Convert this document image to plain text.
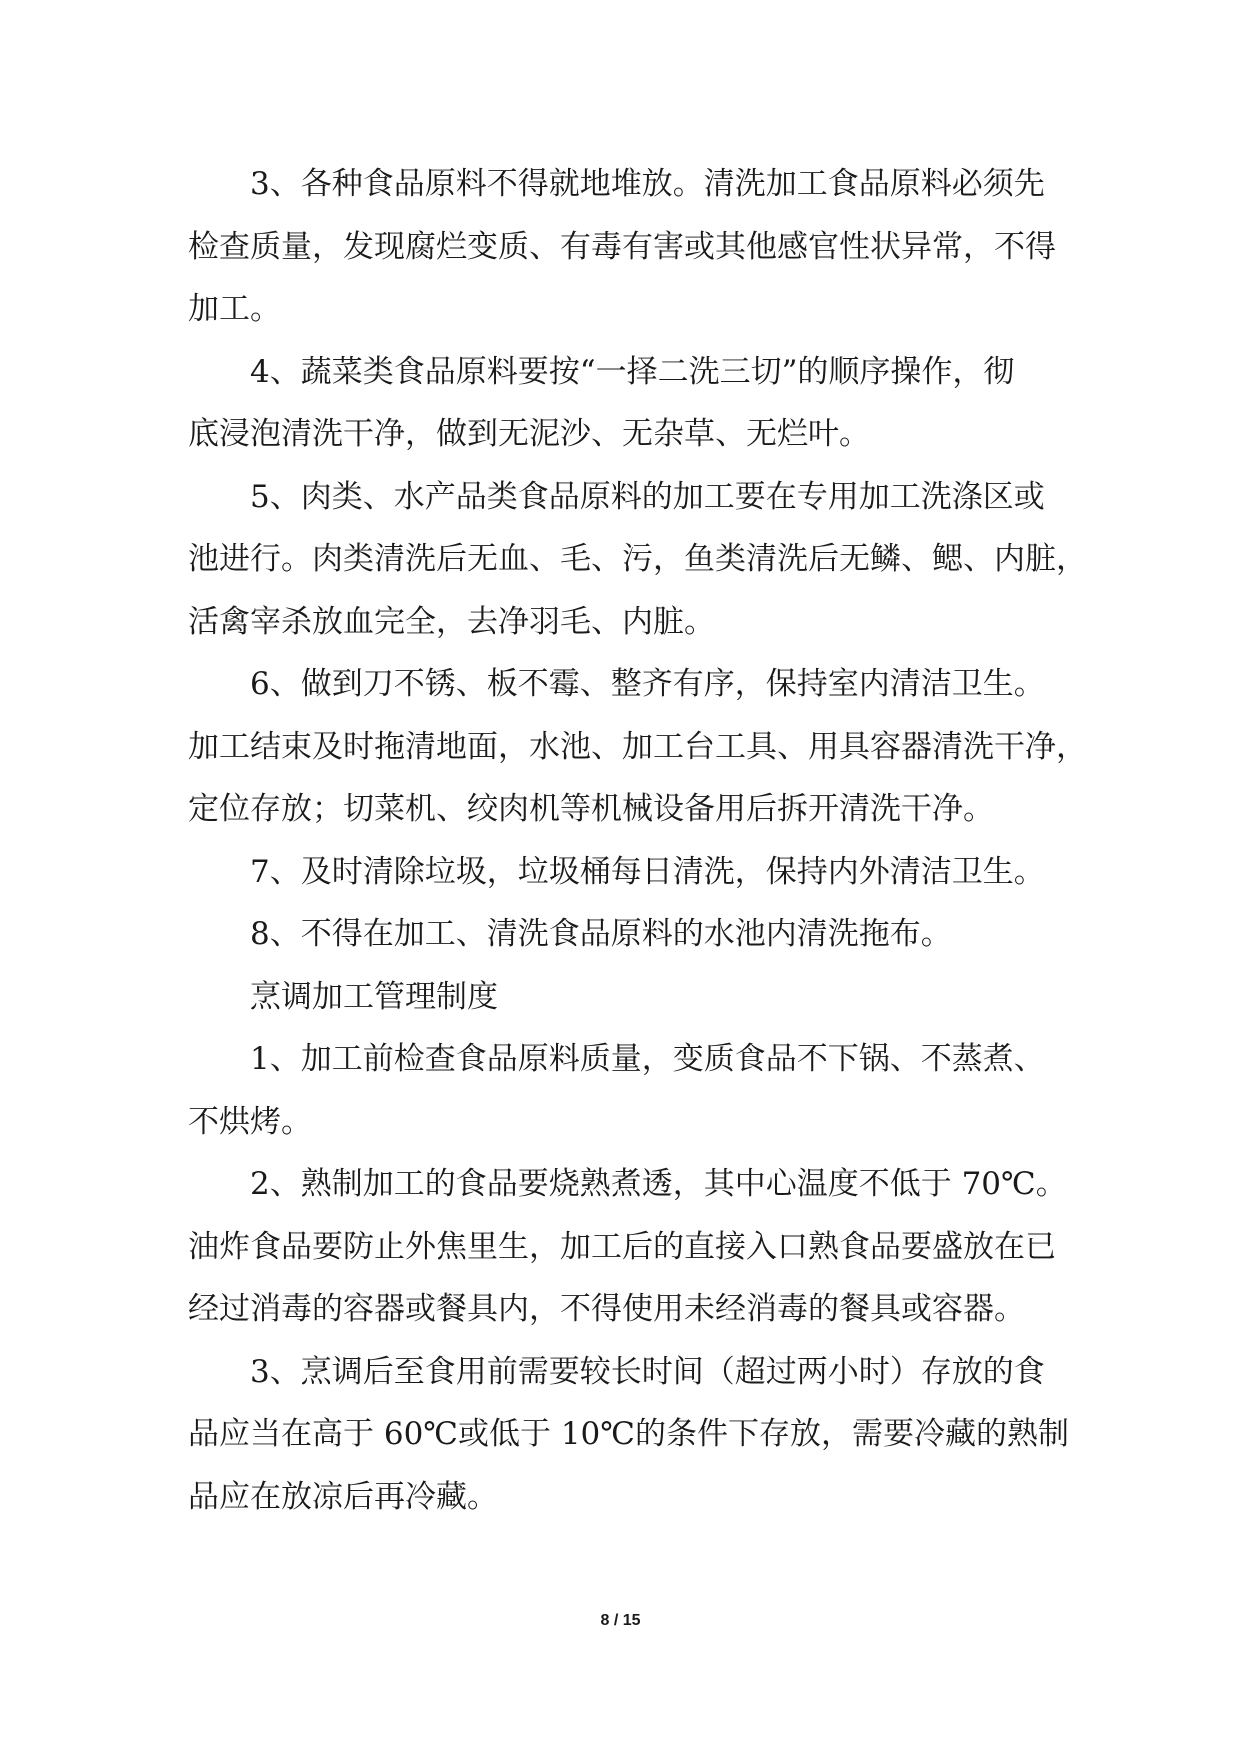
3、各种食品原料不得就地堆放。清洗加工食品原料必须先
检查质量，发现腐烂变质、有毒有害或其他感官性状异常，不得
加工。

4、蔬菜类食品原料要按“一择二洗三切”的顺序操作，彻
底浸泡清洗干净，做到无泥沙、无杂草、无烂叶。

5、肉类、水产品类食品原料的加工要在专用加工洗涤区或
池进行。肉类清洗后无血、毛、污，鱼类清洗后无鳞、鳃、内脏，
活禽宰杀放血完全，去净羽毛、内脏。

6、做到刀不锈、板不霉、整齐有序，保持室内清洁卫生。
加工结束及时拖清地面，水池、加工台工具、用具容器清洗干净，
定位存放；切菜机、绞肉机等机械设备用后拆开清洗干净。

7、及时清除垃圾，垃圾桶每日清洗，保持内外清洁卫生。

8、不得在加工、清洗食品原料的水池内清洗拖布。

烹调加工管理制度

1、加工前检查食品原料质量，变质食品不下锅、不蒸煮、
不烘烤。

2、熟制加工的食品要烧熟煮透，其中心温度不低于 70℃。
油炸食品要防止外焦里生，加工后的直接入口熟食品要盛放在已
经过消毒的容器或餐具内，不得使用未经消毒的餐具或容器。

3、烹调后至食用前需要较长时间（超过两小时）存放的食
品应当在高于 60℃或低于 10℃的条件下存放，需要冷藏的熟制
品应在放凉后再冷藏。

8 / 15
